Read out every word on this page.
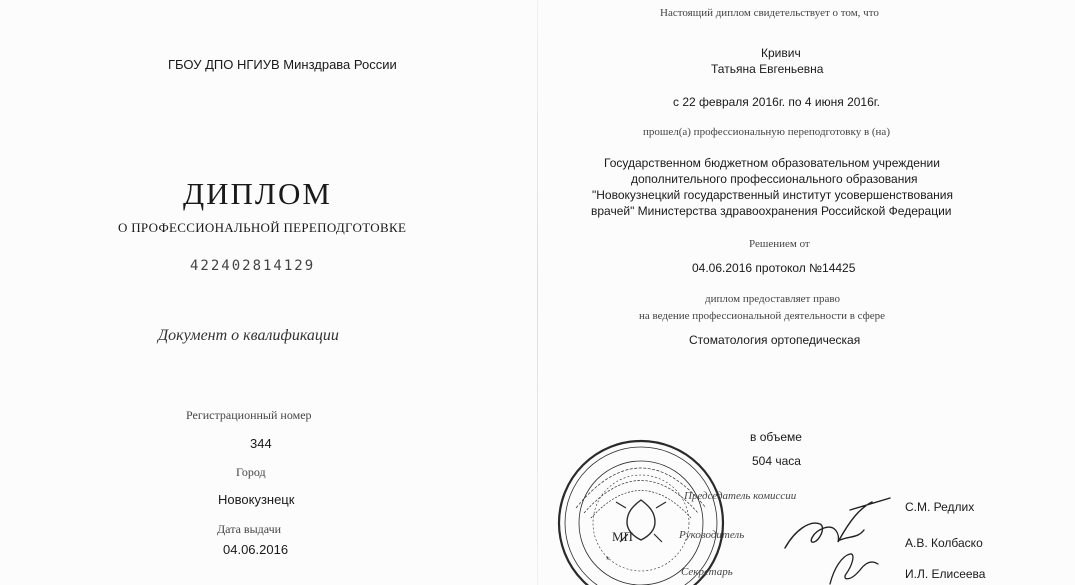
ГБОУ ДПО НГИУВ Минздрава России
ДИПЛОМ
О ПРОФЕССИОНАЛЬНОЙ ПЕРЕПОДГОТОВКЕ
422402814129
Документ о квалификации
Регистрационный номер
344
Город
Новокузнецк
Дата выдачи
04.06.2016
Настоящий диплом свидетельствует о том, что
Кривич
Татьяна Евгеньевна
с 22 февраля 2016г. по 4 июня 2016г.
прошел(а) профессиональную переподготовку в (на)
Государственном бюджетном образовательном учреждении
дополнительного профессионального образования
"Новокузнецкий государственный институт усовершенствования
врачей" Министерства здравоохранения Российской Федерации
Решением от
04.06.2016 протокол №14425
диплом предоставляет право
на ведение профессиональной деятельности в сфере
Стоматология ортопедическая
в объеме
504 часа
МП
*
Председатель комиссии
С.М. Редлих
Руководитель
А.В. Колбаско
Секретарь	И.Л. Елисеева
